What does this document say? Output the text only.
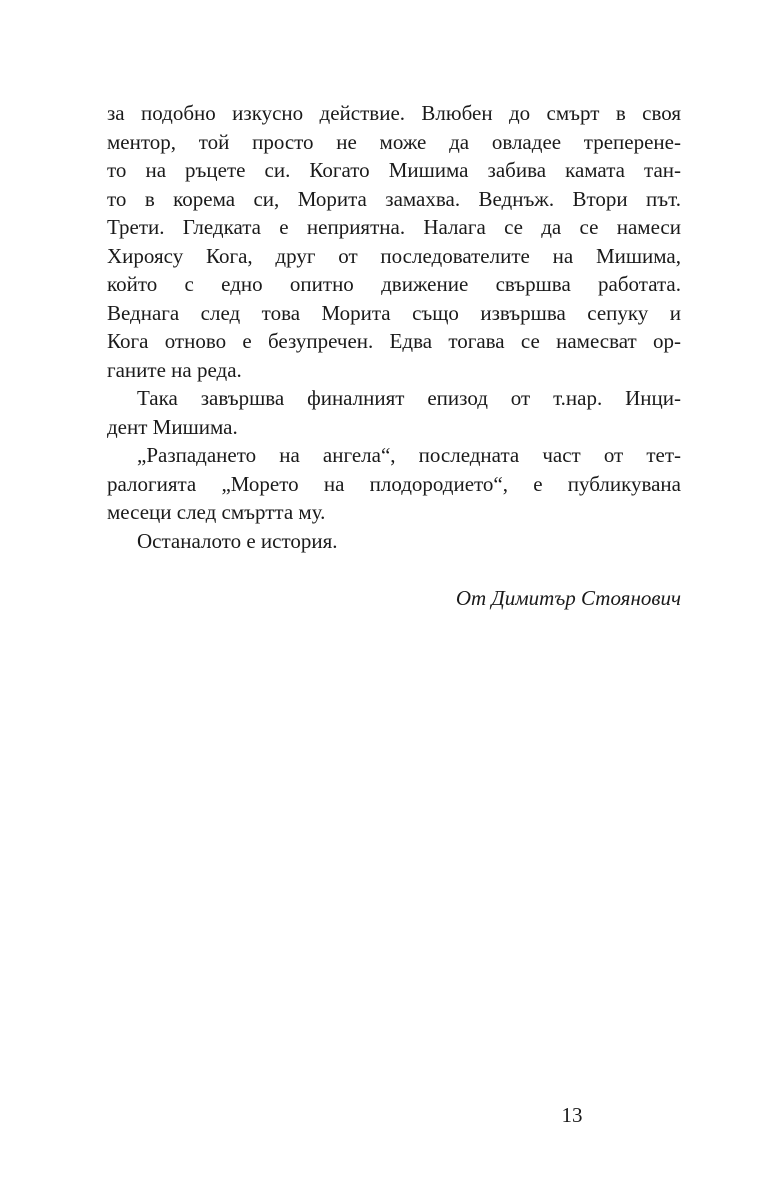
за подобно изкусно действие. Влюбен до смърт в своя
ментор, той просто не може да овладее треперене-
то на ръцете си. Когато Мишима забива камата тан-
то в корема си, Морита замахва. Веднъж. Втори път.
Трети. Гледката е неприятна. Налага се да се намеси
Хироясу Кога, друг от последователите на Мишима,
който с едно опитно движение свършва работата.
Веднага след това Морита също извършва сепуку и
Кога отново е безупречен. Едва тогава се намесват ор-
ганите на реда.
Така завършва финалният епизод от т.нар. Инци-
дент Мишима.
„Разпадането на ангела“, последната част от тет-
ралогията „Морето на плодородието“, е публикувана
месеци след смъртта му.
Останалото е история.
От Димитър Стоянович
13
